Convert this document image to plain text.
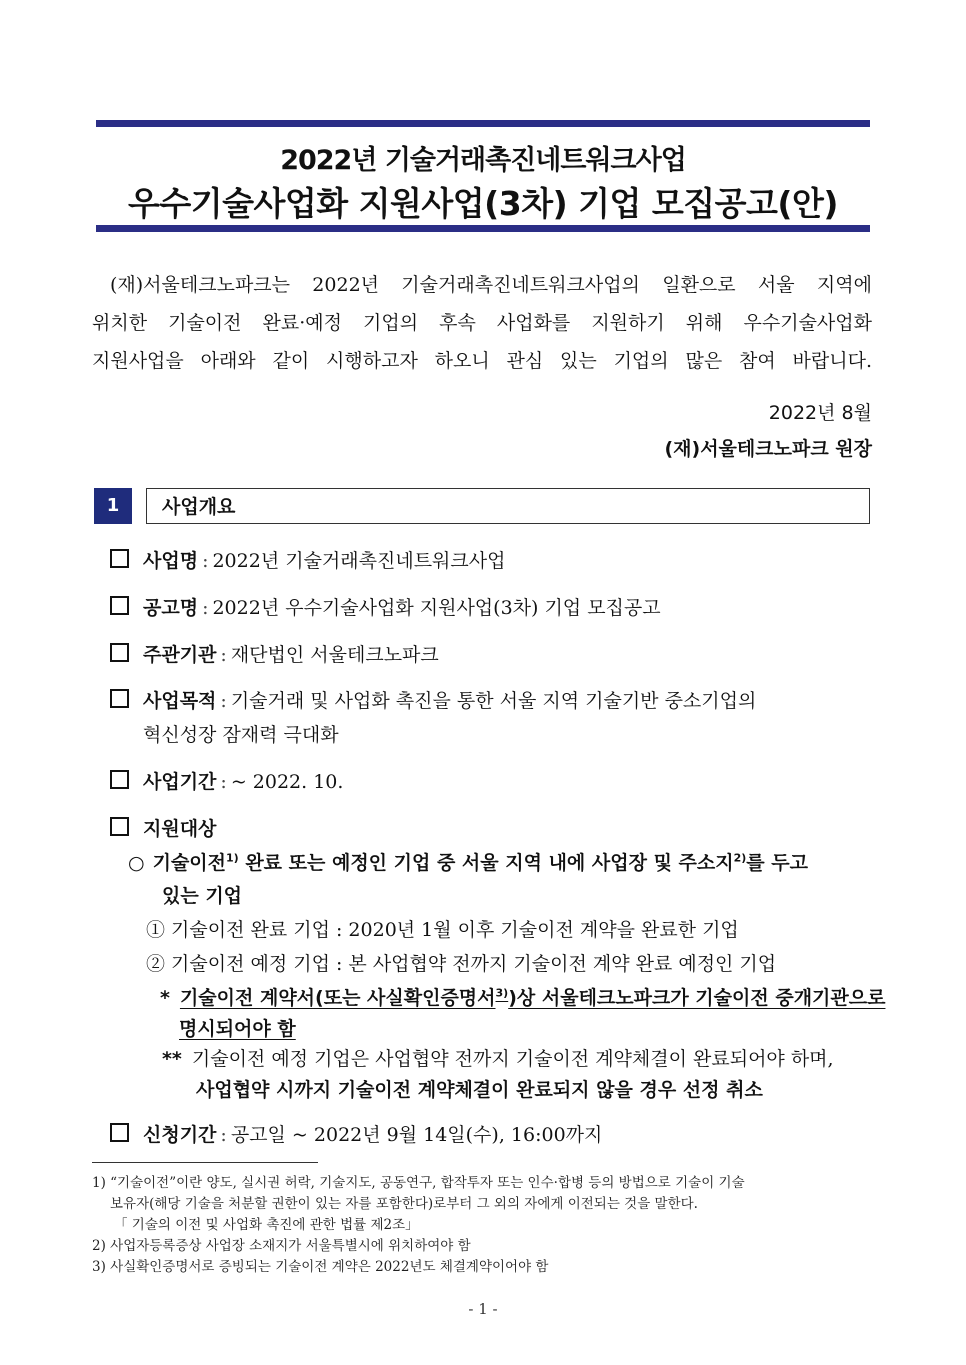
2022년 기술거래촉진네트워크사업
우수기술사업화 지원사업(3차) 기업 모집공고(안)
(재)서울테크노파크는 2022년 기술거래촉진네트워크사업의 일환으로 서울 지역에
위치한 기술이전 완료·예정 기업의 후속 사업화를 지원하기 위해 우수기술사업화
지원사업을 아래와 같이 시행하고자 하오니 관심 있는 기업의 많은 참여 바랍니다.
2022년 8월
(재)서울테크노파크 원장
1	사업개요
사업명 : 2022년 기술거래촉진네트워크사업
공고명 : 2022년 우수기술사업화 지원사업(3차) 기업 모집공고
주관기관 : 재단법인 서울테크노파크
사업목적 : 기술거래 및 사업화 촉진을 통한 서울 지역 기술기반 중소기업의
혁신성장 잠재력 극대화
사업기간 : ~ 2022. 10.
지원대상
○ 기술이전$^{1)}$ 완료 또는 예정인 기업 중 서울 지역 내에 사업장 및 주소지$^{2)}$를 두고
있는 기업
① 기술이전 완료 기업 : 2020년 1월 이후 기술이전 계약을 완료한 기업
② 기술이전 예정 기업 : 본 사업협약 전까지 기술이전 계약 완료 예정인 기업
* 기술이전 계약서(또는 사실확인증명서$^{3)}$)상 서울테크노파크가 기술이전 중개기관으로
명시되어야 함
** 기술이전 예정 기업은 사업협약 전까지 기술이전 계약체결이 완료되어야 하며,
사업협약 시까지 기술이전 계약체결이 완료되지 않을 경우 선정 취소
신청기간 : 공고일 ~ 2022년 9월 14일(수), 16:00까지
1) “기술이전”이란 양도, 실시권 허락, 기술지도, 공동연구, 합작투자 또는 인수·합병 등의 방법으로 기술이 기술
보유자(해당 기술을 처분할 권한이 있는 자를 포함한다)로부터 그 외의 자에게 이전되는 것을 말한다.
「 기술의 이전 및 사업화 촉진에 관한 법률 제2조」
2) 사업자등록증상 사업장 소재지가 서울특별시에 위치하여야 함
3) 사실확인증명서로 증빙되는 기술이전 계약은 2022년도 체결계약이어야 함
- 1 -
